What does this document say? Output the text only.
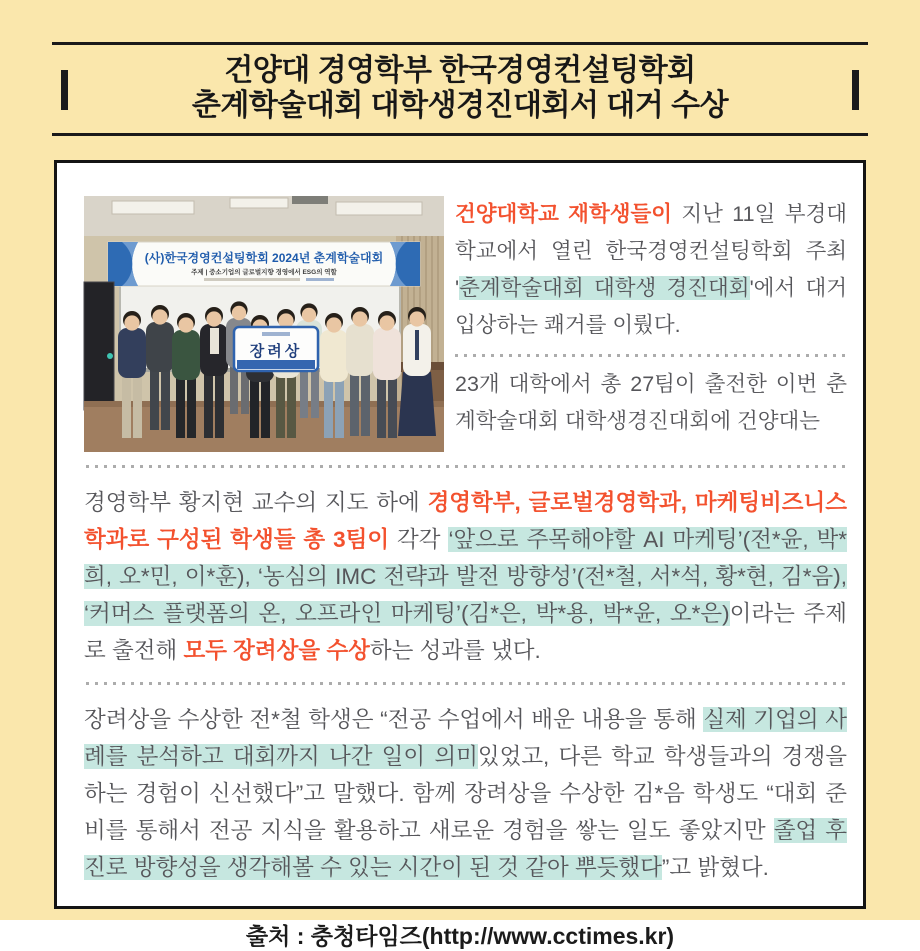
건양대 경영학부 한국경영컨설팅학회
춘계학술대회 대학생경진대회서 대거 수상
(사)한국경영컨설팅학회 2024년 춘계학술대회
주제 | 중소기업의 글로벌지향 경영에서 ESG의 역할
장려상

건양대학교 재학생들이 지난 11일 부경대학교에서 열린 한국경영컨설팅학회 주최 '춘계학술대회 대학생 경진대회'에서 대거 입상하는 쾌거를 이뤘다.

23개 대학에서 총 27팀이 출전한 이번 춘계학술대회 대학생경진대회에 건양대는

경영학부 황지현 교수의 지도 하에 경영학부, 글로벌경영학과, 마케팅비즈니스학과로 구성된 학생들 총 3팀이 각각 ‘앞으로 주목해야할 AI 마케팅’(전*윤, 박*희, 오*민, 이*훈), ‘농심의 IMC 전략과 발전 방향성’(전*철, 서*석, 황*현, 김*음), ‘커머스 플랫폼의 온, 오프라인 마케팅’(김*은, 박*용, 박*윤, 오*은)이라는 주제로 출전해 모두 장려상을 수상하는 성과를 냈다.

장려상을 수상한 전*철 학생은 “전공 수업에서 배운 내용을 통해 실제 기업의 사례를 분석하고 대회까지 나간 일이 의미있었고, 다른 학교 학생들과의 경쟁을 하는 경험이 신선했다”고 말했다. 함께 장려상을 수상한 김*음 학생도 “대회 준비를 통해서 전공 지식을 활용하고 새로운 경험을 쌓는 일도 좋았지만 졸업 후 진로 방향성을 생각해볼 수 있는 시간이 된 것 같아 뿌듯했다”고 밝혔다.

출처 : 충청타임즈(http://www.cctimes.kr)
